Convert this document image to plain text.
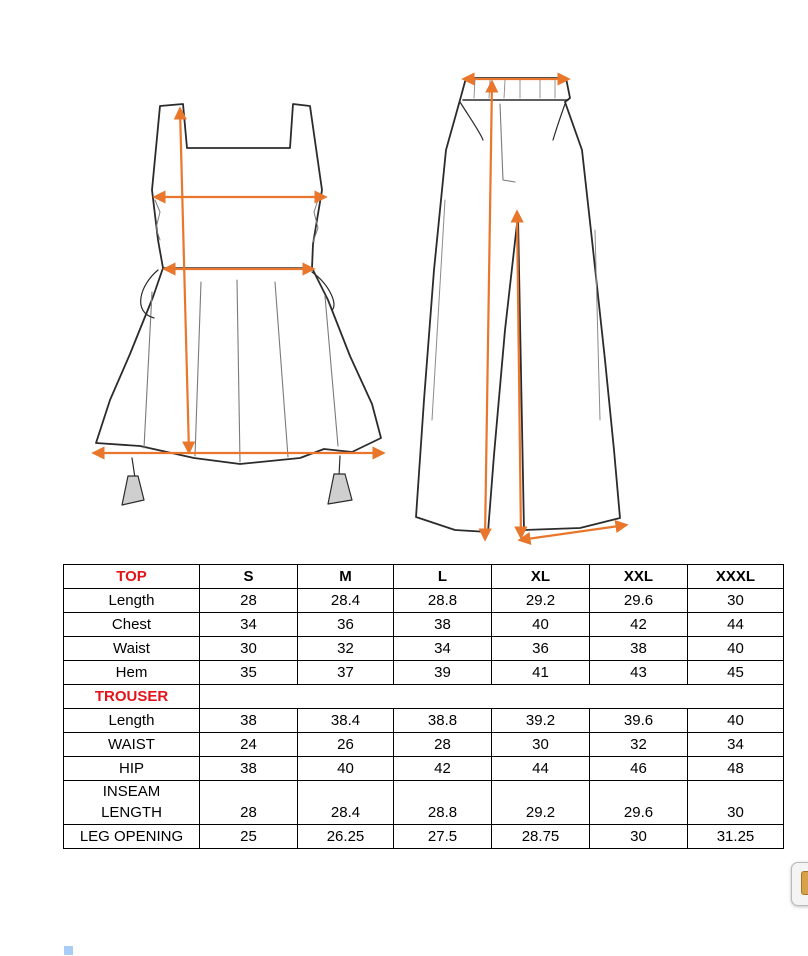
TOP	S	M	L	XL	XXL	XXXL
Length	28	28.4	28.8	29.2	29.6	30
Chest	34	36	38	40	42	44
Waist	30	32	34	36	38	40
Hem	35	37	39	41	43	45
TROUSER						
Length	38	38.4	38.8	39.2	39.6	40
WAIST	24	26	28	30	32	34
HIP	38	40	42	44	46	48
INSEAM
LENGTH	28	28.4	28.8	29.2	29.6	30
LEG OPENING	25	26.25	27.5	28.75	30	31.25
